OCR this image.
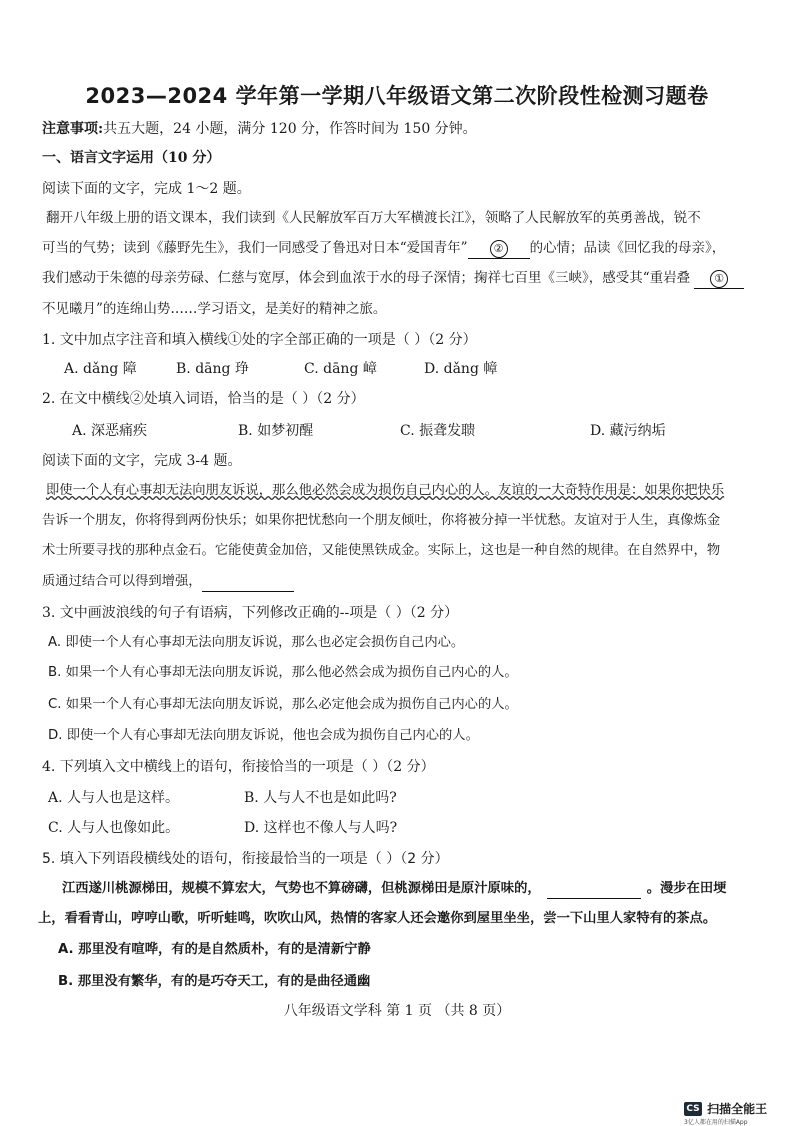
2023—2024 学年第一学期八年级语文第二次阶段性检测习题卷
注意事项:共五大题，24 小题，满分 120 分，作答时间为 150 分钟。
一、语言文字运用（10 分）
阅读下面的文字，完成 1～2 题。
翻开八年级上册的语文课本，我们读到《人民解放军百万大军横渡长江》，领略了人民解放军的英勇善战，锐不
可当的气势；读到《藤野先生》，我们一同感受了鲁迅对日本“爱国青年” ② 的心情；品读《回忆我的母亲》，
我们感动于朱德的母亲劳碌、仁慈与宽厚，体会到血浓于水的母子深情；掬祥七百里《三峡》，感受其“重岩叠 ①
不见曦月”的连绵山势……学习语文，是美好的精神之旅。
1. 文中加点字注音和填入横线①处的字全部正确的一项是（ ）（2 分）
A. dǎng 障	B. dāng 琤	C. dāng 嶂	D. dǎng 幛
2. 在文中横线②处填入词语，恰当的是（ ）（2 分）
A. 深恶痛疾	B. 如梦初醒	C. 振聋发聩	D. 藏污纳垢
阅读下面的文字，完成 3-4 题。
即使一个人有心事却无法向朋友诉说，那么他必然会成为损伤自己内心的人。友谊的一大奇特作用是：如果你把快乐
告诉一个朋友，你将得到两份快乐；如果你把忧愁向一个朋友倾吐，你将被分掉一半忧愁。友谊对于人生，真像炼金
术士所要寻找的那种点金石。它能使黄金加倍，又能使黑铁成金。实际上，这也是一种自然的规律。在自然界中，物
质通过结合可以得到增强，
3. 文中画波浪线的句子有语病，下列修改正确的--项是（ ）（2 分）
A. 即使一个人有心事却无法向朋友诉说，那么也必定会损伤自己内心。
B. 如果一个人有心事却无法向朋友诉说，那么他必然会成为损伤自己内心的人。
C. 如果一个人有心事却无法向朋友诉说，那么必定他会成为损伤自己内心的人。
D. 即使一个人有心事却无法向朋友诉说，他也会成为损伤自己内心的人。
4. 下列填入文中横线上的语句，衔接恰当的一项是（ ）（2 分）
A. 人与人也是这样。	B. 人与人不也是如此吗?
C. 人与人也像如此。	D. 这样也不像人与人吗?
5. 填入下列语段横线处的语句，衔接最恰当的一项是（ ）（2 分）
江西遂川桃源梯田，规模不算宏大，气势也不算磅礴，但桃源梯田是原汁原味的，	。漫步在田埂
上，看看青山，哼哼山歌，听听蛙鸣，吹吹山风，热情的客家人还会邀你到屋里坐坐，尝一下山里人家特有的茶点。
A. 那里没有喧哗，有的是自然质朴，有的是清新宁静
B. 那里没有繁华，有的是巧夺天工，有的是曲径通幽
八年级语文学科 第 1 页 （共 8 页）
CS 扫描全能王
3亿人都在用的扫描App
